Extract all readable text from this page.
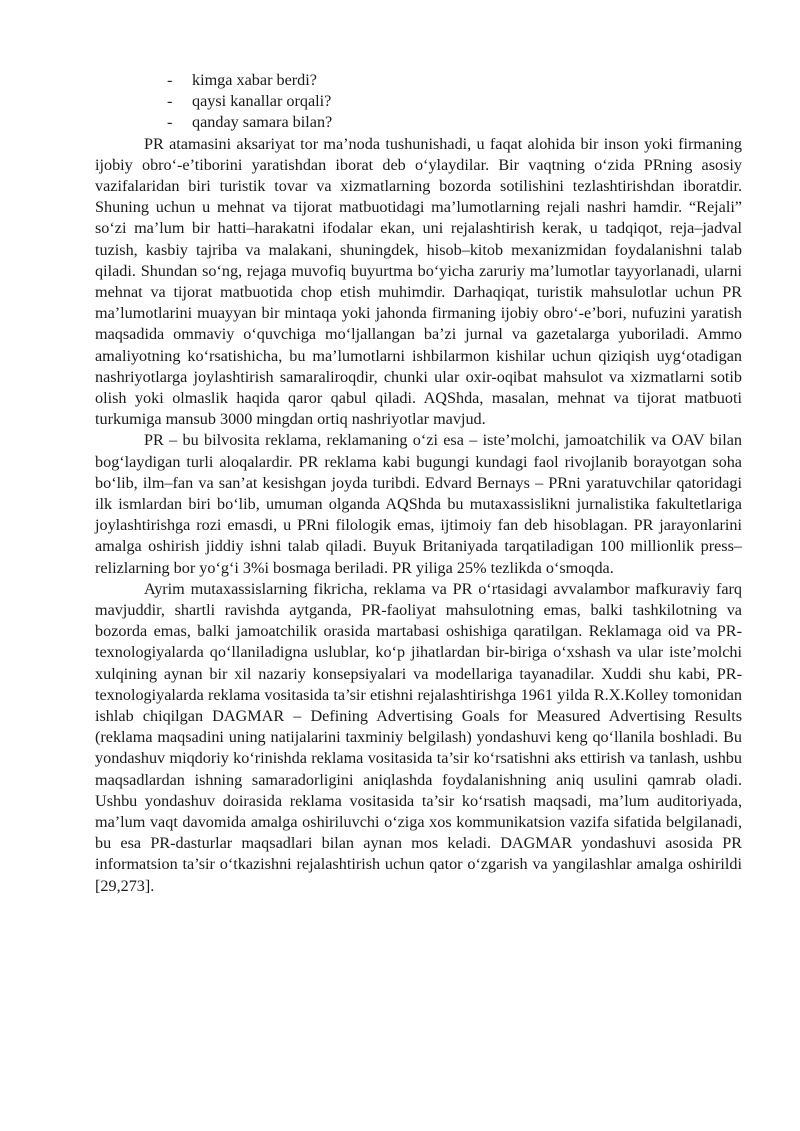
- kimga xabar berdi?
- qaysi kanallar orqali?
- qanday samara bilan?

PR atamasini aksariyat tor ma’noda tushunishadi, u faqat alohida bir inson yoki firmaning ijobiy obro‘-e’tiborini yaratishdan iborat deb o‘ylaydilar. Bir vaqtning o‘zida PRning asosiy vazifalaridan biri turistik tovar va xizmatlarning bozorda sotilishini tezlashtirishdan iboratdir. Shuning uchun u mehnat va tijorat matbuotidagi ma’lumotlarning rejali nashri hamdir. “Rejali” so‘zi ma’lum bir hatti–harakatni ifodalar ekan, uni rejalashtirish kerak, u tadqiqot, reja–jadval tuzish, kasbiy tajriba va malakani, shuningdek, hisob–kitob mexanizmidan foydalanishni talab qiladi. Shundan so‘ng, rejaga muvofiq buyurtma bo‘yicha zaruriy ma’lumotlar tayyorlanadi, ularni mehnat va tijorat matbuotida chop etish muhimdir. Darhaqiqat, turistik mahsulotlar uchun PR ma’lumotlarini muayyan bir mintaqa yoki jahonda firmaning ijobiy obro‘-e’bori, nufuzini yaratish maqsadida ommaviy o‘quvchiga mo‘ljallangan ba’zi jurnal va gazetalarga yuboriladi. Ammo amaliyotning ko‘rsatishicha, bu ma’lumotlarni ishbilarmon kishilar uchun qiziqish uyg‘otadigan nashriyotlarga joylashtirish samaraliroqdir, chunki ular oxir-oqibat mahsulot va xizmatlarni sotib olish yoki olmaslik haqida qaror qabul qiladi. AQShda, masalan, mehnat va tijorat matbuoti turkumiga mansub 3000 mingdan ortiq nashriyotlar mavjud.

PR – bu bilvosita reklama, reklamaning o‘zi esa – iste’molchi, jamoatchilik va OAV bilan bog‘laydigan turli aloqalardir. PR reklama kabi bugungi kundagi faol rivojlanib borayotgan soha bo‘lib, ilm–fan va san’at kesishgan joyda turibdi. Edvard Bernays – PRni yaratuvchilar qatoridagi ilk ismlardan biri bo‘lib, umuman olganda AQShda bu mutaxassislikni jurnalistika fakultetlariga joylashtirishga rozi emasdi, u PRni filologik emas, ijtimoiy fan deb hisoblagan. PR jarayonlarini amalga oshirish jiddiy ishni talab qiladi. Buyuk Britaniyada tarqatiladigan 100 millionlik press–relizlarning bor yo‘g‘i 3%i bosmaga beriladi. PR yiliga 25% tezlikda o‘smoqda.

Ayrim mutaxassislarning fikricha, reklama va PR o‘rtasidagi avvalambor mafkuraviy farq mavjuddir, shartli ravishda aytganda, PR-faoliyat mahsulotning emas, balki tashkilotning va bozorda emas, balki jamoatchilik orasida martabasi oshishiga qaratilgan. Reklamaga oid va PR-texnologiyalarda qo‘llaniladigna uslublar, ko‘p jihatlardan bir-biriga o‘xshash va ular iste’molchi xulqining aynan bir xil nazariy konsepsiyalari va modellariga tayanadilar. Xuddi shu kabi, PR-texnologiyalarda reklama vositasida ta’sir etishni rejalashtirishga 1961 yilda R.X.Kolley tomonidan ishlab chiqilgan DAGMAR – Defining Advertising Goals for Measured Advertising Results (reklama maqsadini uning natijalarini taxminiy belgilash) yondashuvi keng qo‘llanila boshladi. Bu yondashuv miqdoriy ko‘rinishda reklama vositasida ta’sir ko‘rsatishni aks ettirish va tanlash, ushbu maqsadlardan ishning samaradorligini aniqlashda foydalanishning aniq usulini qamrab oladi. Ushbu yondashuv doirasida reklama vositasida ta’sir ko‘rsatish maqsadi, ma’lum auditoriyada, ma’lum vaqt davomida amalga oshiriluvchi o‘ziga xos kommunikatsion vazifa sifatida belgilanadi, bu esa PR-dasturlar maqsadlari bilan aynan mos keladi. DAGMAR yondashuvi asosida PR informatsion ta’sir o‘tkazishni rejalashtirish uchun qator o‘zgarish va yangilashlar amalga oshirildi [29,273].
